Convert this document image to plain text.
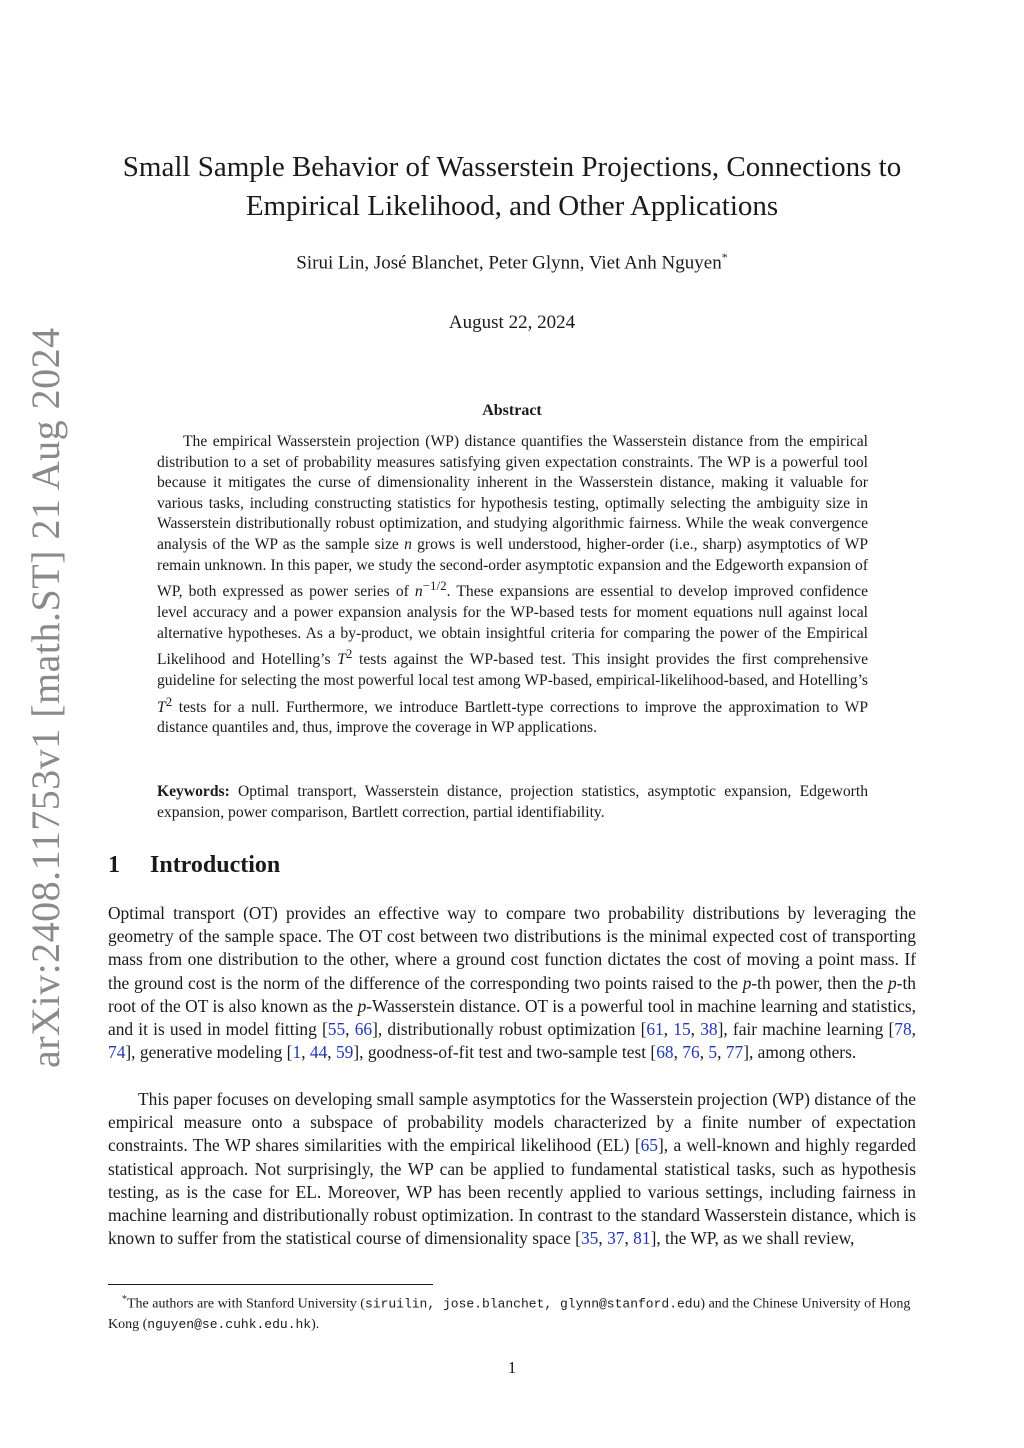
arXiv:2408.11753v1 [math.ST] 21 Aug 2024
Small Sample Behavior of Wasserstein Projections, Connections to Empirical Likelihood, and Other Applications
Sirui Lin, José Blanchet, Peter Glynn, Viet Anh Nguyen*
August 22, 2024
Abstract

The empirical Wasserstein projection (WP) distance quantifies the Wasserstein distance from the empirical distribution to a set of probability measures satisfying given expectation constraints. The WP is a powerful tool because it mitigates the curse of dimensionality inherent in the Wasserstein distance, making it valuable for various tasks, including constructing statistics for hypothesis testing, optimally selecting the ambiguity size in Wasserstein distributionally robust optimization, and studying algorithmic fairness. While the weak convergence analysis of the WP as the sample size n grows is well understood, higher-order (i.e., sharp) asymptotics of WP remain unknown. In this paper, we study the second-order asymptotic expansion and the Edgeworth expansion of WP, both expressed as power series of $n^{-1/2}$. These expansions are essential to develop improved confidence level accuracy and a power expansion analysis for the WP-based tests for moment equations null against local alternative hypotheses. As a by-product, we obtain insightful criteria for comparing the power of the Empirical Likelihood and Hotelling’s $T^2$ tests against the WP-based test. This insight provides the first comprehensive guideline for selecting the most powerful local test among WP-based, empirical-likelihood-based, and Hotelling’s $T^2$ tests for a null. Furthermore, we introduce Bartlett-type corrections to improve the approximation to WP distance quantiles and, thus, improve the coverage in WP applications.

Keywords: Optimal transport, Wasserstein distance, projection statistics, asymptotic expansion, Edgeworth expansion, power comparison, Bartlett correction, partial identifiability.

1 Introduction

Optimal transport (OT) provides an effective way to compare two probability distributions by leveraging the geometry of the sample space. The OT cost between two distributions is the minimal expected cost of transporting mass from one distribution to the other, where a ground cost function dictates the cost of moving a point mass. If the ground cost is the norm of the difference of the corresponding two points raised to the p-th power, then the p-th root of the OT is also known as the p-Wasserstein distance. OT is a powerful tool in machine learning and statistics, and it is used in model fitting [55, 66], distributionally robust optimization [61, 15, 38], fair machine learning [78, 74], generative modeling [1, 44, 59], goodness-of-fit test and two-sample test [68, 76, 5, 77], among others.

This paper focuses on developing small sample asymptotics for the Wasserstein projection (WP) distance of the empirical measure onto a subspace of probability models characterized by a finite number of expectation constraints. The WP shares similarities with the empirical likelihood (EL) [65], a well-known and highly regarded statistical approach. Not surprisingly, the WP can be applied to fundamental statistical tasks, such as hypothesis testing, as is the case for EL. Moreover, WP has been recently applied to various settings, including fairness in machine learning and distributionally robust optimization. In contrast to the standard Wasserstein distance, which is known to suffer from the statistical course of dimensionality space [35, 37, 81], the WP, as we shall review,

*The authors are with Stanford University (siruilin, jose.blanchet, glynn@stanford.edu) and the Chinese University of Hong Kong (nguyen@se.cuhk.edu.hk).

1
